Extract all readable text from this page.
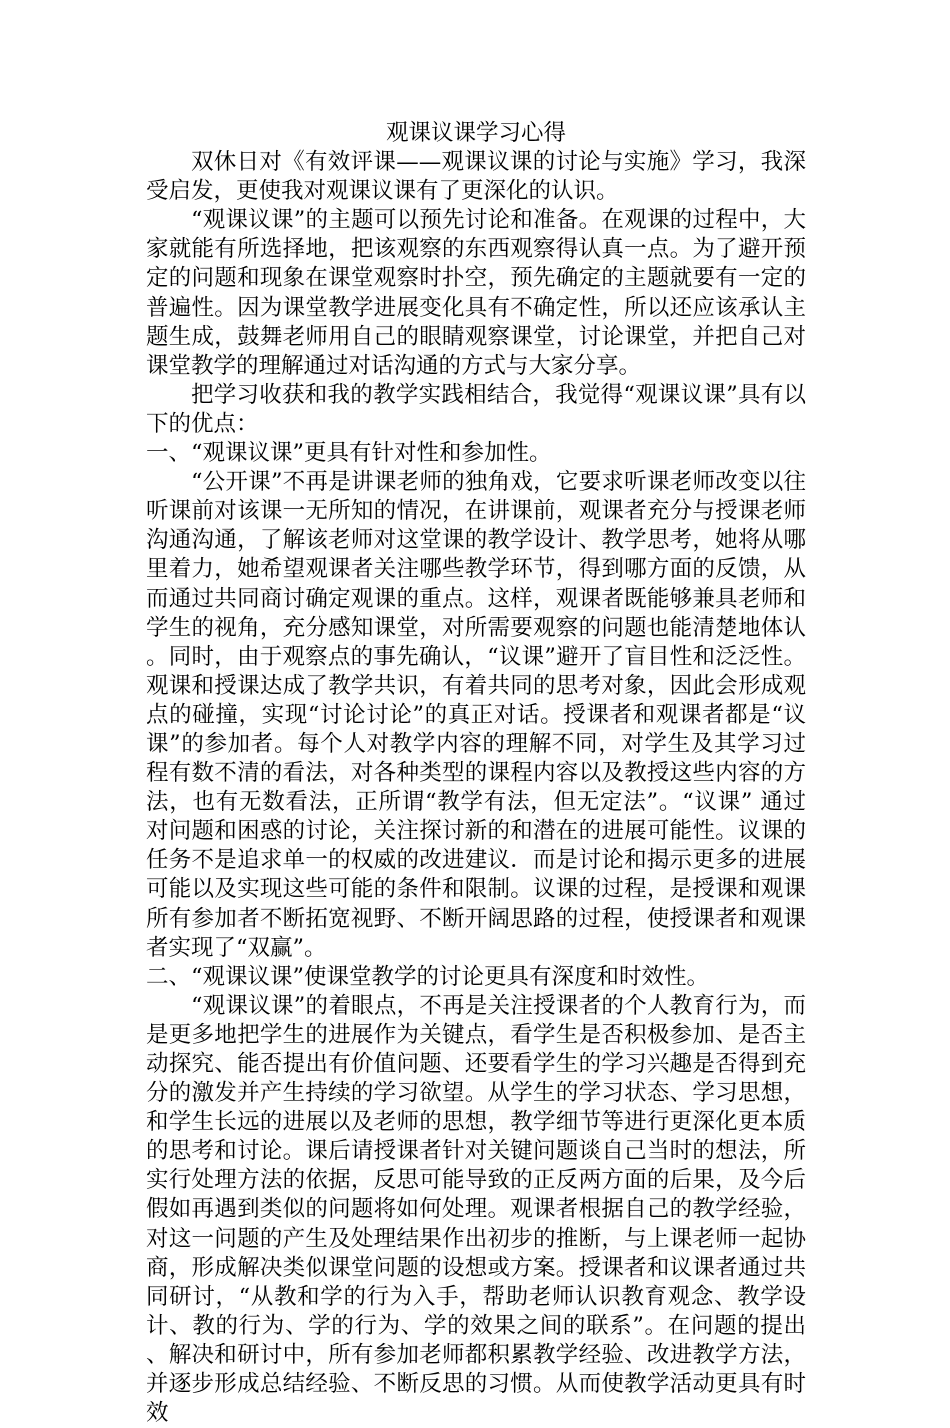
观课议课学习心得

双休日对《有效评课——观课议课的讨论与实施》学习，我深受启发，更使我对观课议课有了更深化的认识。

“观课议课”的主题可以预先讨论和准备。在观课的过程中，大家就能有所选择地，把该观察的东西观察得认真一点。为了避开预定的问题和现象在课堂观察时扑空，预先确定的主题就要有一定的普遍性。因为课堂教学进展变化具有不确定性，所以还应该承认主题生成，鼓舞老师用自己的眼睛观察课堂，讨论课堂，并把自己对课堂教学的理解通过对话沟通的方式与大家分享。

把学习收获和我的教学实践相结合，我觉得“观课议课”具有以下的优点：

一、“观课议课”更具有针对性和参加性。

“公开课”不再是讲课老师的独角戏，它要求听课老师改变以往听课前对该课一无所知的情况，在讲课前，观课者充分与授课老师沟通沟通，了解该老师对这堂课的教学设计、教学思考，她将从哪里着力，她希望观课者关注哪些教学环节，得到哪方面的反馈，从而通过共同商讨确定观课的重点。这样，观课者既能够兼具老师和学生的视角，充分感知课堂，对所需要观察的问题也能清楚地体认。同时，由于观察点的事先确认，“议课”避开了盲目性和泛泛性。观课和授课达成了教学共识，有着共同的思考对象，因此会形成观点的碰撞，实现“讨论讨论”的真正对话。授课者和观课者都是“议课”的参加者。每个人对教学内容的理解不同，对学生及其学习过程有数不清的看法，对各种类型的课程内容以及教授这些内容的方法，也有无数看法，正所谓“教学有法，但无定法”。“议课” 通过对问题和困惑的讨论，关注探讨新的和潜在的进展可能性。议课的任务不是追求单一的权威的改进建议．而是讨论和揭示更多的进展可能以及实现这些可能的条件和限制。议课的过程，是授课和观课所有参加者不断拓宽视野、不断开阔思路的过程，使授课者和观课者实现了“双赢”。

二、“观课议课”使课堂教学的讨论更具有深度和时效性。

“观课议课”的着眼点，不再是关注授课者的个人教育行为，而是更多地把学生的进展作为关键点，看学生是否积极参加、是否主动探究、能否提出有价值问题、还要看学生的学习兴趣是否得到充分的激发并产生持续的学习欲望。从学生的学习状态、学习思想，和学生长远的进展以及老师的思想，教学细节等进行更深化更本质的思考和讨论。课后请授课者针对关键问题谈自己当时的想法，所实行处理方法的依据，反思可能导致的正反两方面的后果，及今后假如再遇到类似的问题将如何处理。观课者根据自己的教学经验，对这一问题的产生及处理结果作出初步的推断，与上课老师一起协商，形成解决类似课堂问题的设想或方案。授课者和议课者通过共同研讨，“从教和学的行为入手，帮助老师认识教育观念、教学设计、教的行为、学的行为、学的效果之间的联系”。在问题的提出、解决和研讨中，所有参加老师都积累教学经验、改进教学方法，并逐步形成总结经验、不断反思的习惯。从而使教学活动更具有时效
